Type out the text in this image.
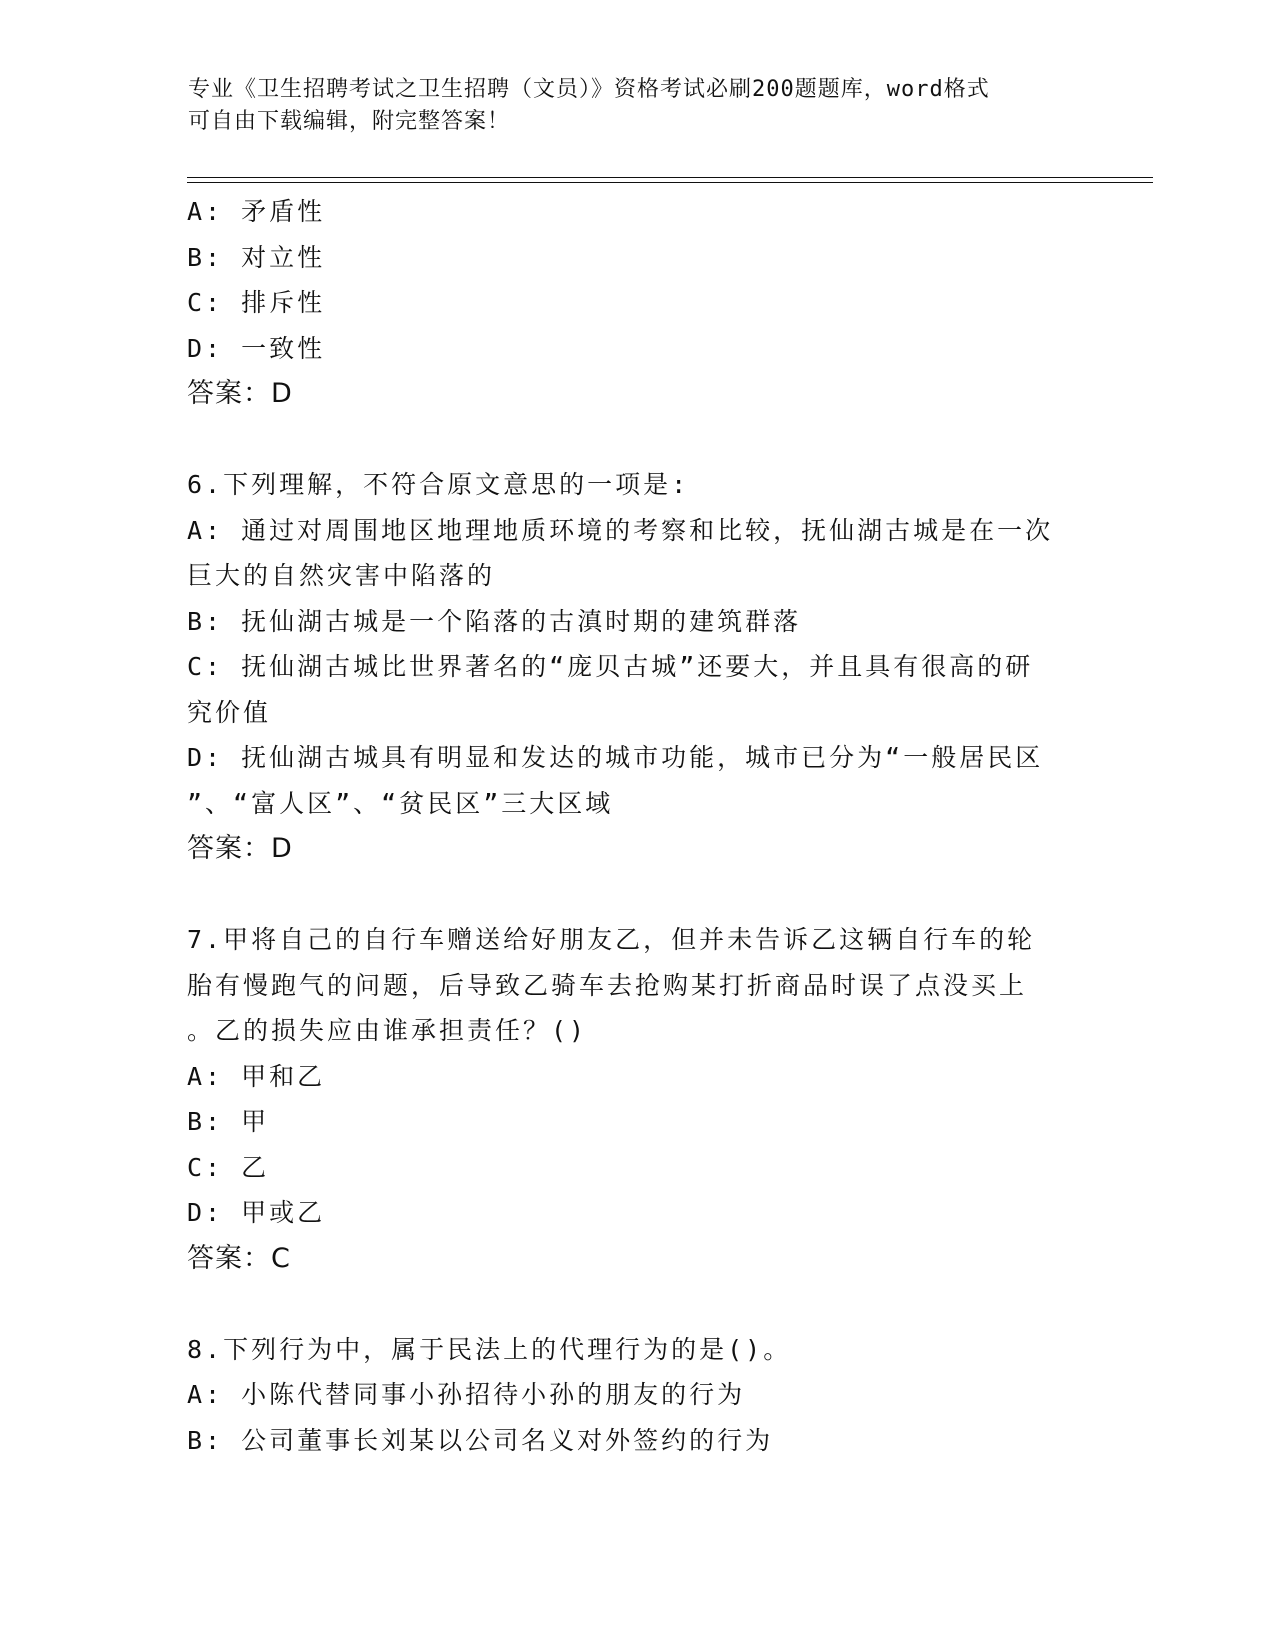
专业《卫生招聘考试之卫生招聘（文员）》资格考试必刷200题题库，word格式
可自由下载编辑，附完整答案！
A: 矛盾性
B: 对立性
C: 排斥性
D: 一致性
答案：D
6.下列理解，不符合原文意思的一项是:
A: 通过对周围地区地理地质环境的考察和比较，抚仙湖古城是在一次
巨大的自然灾害中陷落的
B: 抚仙湖古城是一个陷落的古滇时期的建筑群落
C: 抚仙湖古城比世界著名的“庞贝古城”还要大，并且具有很高的研
究价值
D: 抚仙湖古城具有明显和发达的城市功能，城市已分为“一般居民区
”、“富人区”、“贫民区”三大区域
答案：D
7.甲将自己的自行车赠送给好朋友乙，但并未告诉乙这辆自行车的轮
胎有慢跑气的问题，后导致乙骑车去抢购某打折商品时误了点没买上
。乙的损失应由谁承担责任？()
A: 甲和乙
B: 甲
C: 乙
D: 甲或乙
答案：C
8.下列行为中，属于民法上的代理行为的是()。
A: 小陈代替同事小孙招待小孙的朋友的行为
B: 公司董事长刘某以公司名义对外签约的行为
